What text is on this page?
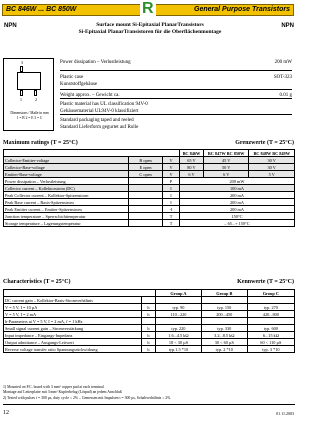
BC 846W ... BC 850W	General Purpose Transistors
R
NPN	NPN
Surface mount Si-Epitaxial PlanarTransistors
Si-Epitaxial PlanarTransistoren für die Oberflächenmontage
3
1	2
Dimensions / Maße in mm
1 = B 2 = E 3 = C
Power dissipation – Verlustleistung	200 mW
Plastic case	SOT-323
Kunststoffgehäuse
Weight approx. – Gewicht ca.	0.01 g
Plastic material has UL classification 94V-0
Gehäusematerial UL94V-0 klassifiziert
Standard packaging taped and reeled
Standard Lieferform gegurtet auf Rolle
Maximum ratings (T = 25°C)	Grenzwerte (T = 25°C)
			BC 846W	BC 847W BC 850W	BC 848W BC 849W
Collector-Emitter-voltage	B open	V	65 V	45 V	30 V
Collector-Base-voltage	E open	V	80 V	50 V	30 V
Emitter-Base-voltage	C open	V	6 V	6 V	5 V
Power dissipation – Verlustleistung		P	200 mW		
Collector current – Kollektorstrom (DC)		I	100 mA		
Peak Collector current – Kollektor-Spitzenstrom		I	200 mA		
Peak Base current – Basis-Spitzenstrom		I	200 mA		
Peak Emitter current – Emitter-Spitzenstrom		-I	200 mA		
Junction temperature – Sperrschichttemperatur		T	150°C		
Storage temperature – Lagerungstemperatur		T	– 65...+ 150°C		
Characteristics (T = 25°C)	Kennwerte (T = 25°C)
		Group A	Group B	Group C
DC current gain – Kollektor-Basis-Stromverhältnis				
V = 5 V, I = 10 µA	h	typ. 90	typ. 150	typ. 270
V = 5 V, I = 2 mA	h	110...220	200...450	420...800
h-Parameters at V = 5 V, I = 2 mA, f = 1 kHz				
Small signal current gain – Stromverstärkung	h	typ. 220	typ. 330	typ. 600
Input impedance – Eingangs-Impedanz	h	1.6...4.5 kΩ	3.2...8.5 kΩ	6...15 kΩ
Output admittance – Ausgangs-Leitwert	h	18 < 30 µS	30 < 60 µS	60 < 110 µS
Reverse voltage transfer ratio Spannungsrückwirkung	h	typ.1.5 *10	typ. 2 *10	typ. 3 *10
1) Mounted on P.C. board with 3 mm² copper pad at each terminal
Montage auf Leiterplatte mit 3 mm² Kupferbelag (Lötpad) an jedem Anschluß
2) Tested with pulses t = 300 µs, duty cycle ≤ 2% – Gemessen mit Impulsen t = 300 µs, Schaltverhältnis ≤ 2%
12	01.11.2003
